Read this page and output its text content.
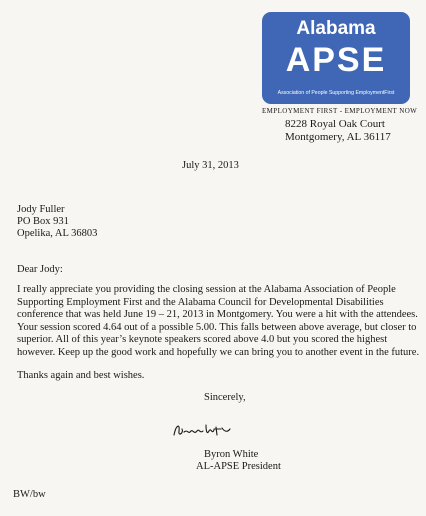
Alabama
APSE
Association of People Supporting EmploymentFirst
EMPLOYMENT FIRST - EMPLOYMENT NOW
8228 Royal Oak Court
Montgomery, AL 36117
July 31, 2013
Jody Fuller
PO Box 931
Opelika, AL 36803
Dear Jody:
I really appreciate you providing the closing session at the Alabama Association of People
Supporting Employment First and the Alabama Council for Developmental Disabilities
conference that was held June 19 – 21, 2013 in Montgomery. You were a hit with the attendees.
Your session scored 4.64 out of a possible 5.00. This falls between above average, but closer to
superior. All of this year’s keynote speakers scored above 4.0 but you scored the highest
however. Keep up the good work and hopefully we can bring you to another event in the future.
Thanks again and best wishes.
Sincerely,
Byron White
AL-APSE President
BW/bw
